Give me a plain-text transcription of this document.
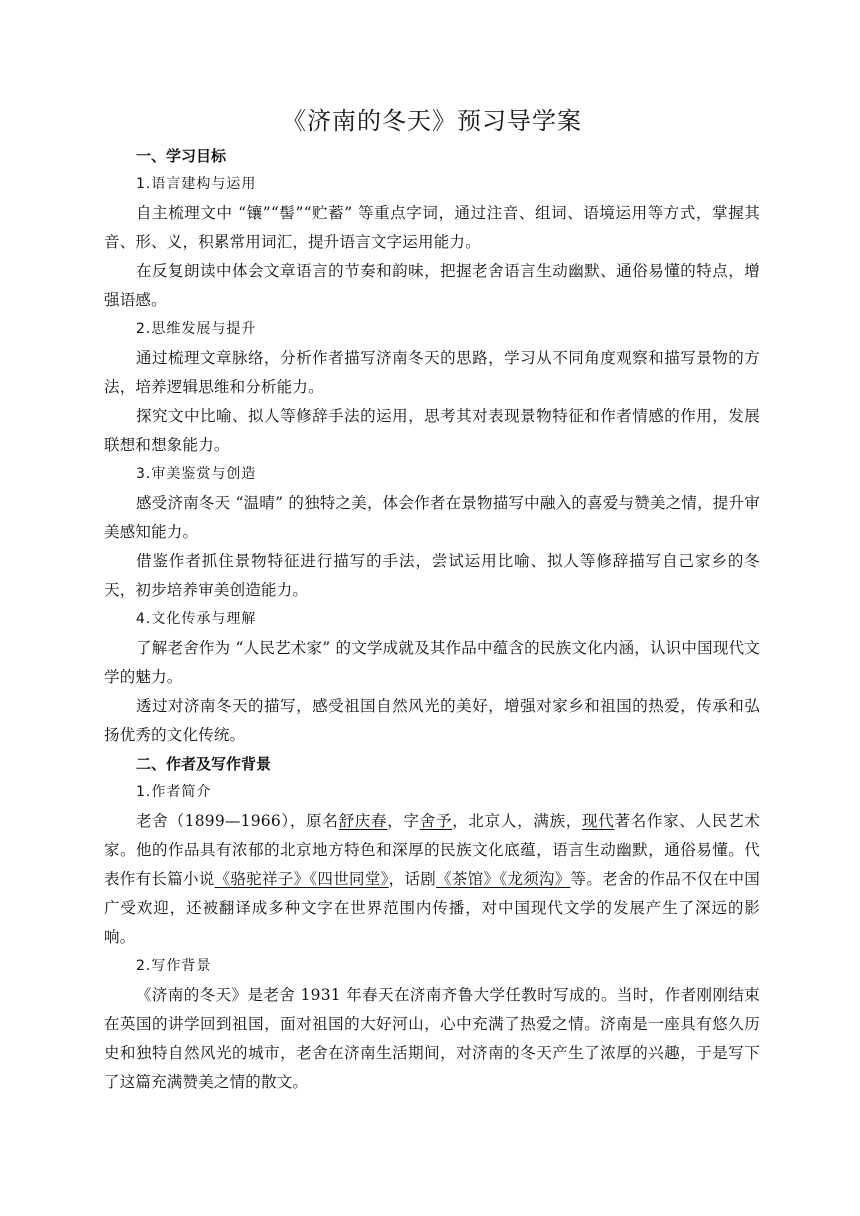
《济南的冬天》预习导学案

一、学习目标

1.语言建构与运用

自主梳理文中 “镶”“髻”“贮蓄” 等重点字词，通过注音、组词、语境运用等方式，掌握其音、形、义，积累常用词汇，提升语言文字运用能力。

在反复朗读中体会文章语言的节奏和韵味，把握老舍语言生动幽默、通俗易懂的特点，增强语感。

2.思维发展与提升

通过梳理文章脉络，分析作者描写济南冬天的思路，学习从不同角度观察和描写景物的方法，培养逻辑思维和分析能力。

探究文中比喻、拟人等修辞手法的运用，思考其对表现景物特征和作者情感的作用，发展联想和想象能力。

3.审美鉴赏与创造

感受济南冬天 “温晴” 的独特之美，体会作者在景物描写中融入的喜爱与赞美之情，提升审美感知能力。

借鉴作者抓住景物特征进行描写的手法，尝试运用比喻、拟人等修辞描写自己家乡的冬天，初步培养审美创造能力。

4.文化传承与理解

了解老舍作为 “人民艺术家” 的文学成就及其作品中蕴含的民族文化内涵，认识中国现代文学的魅力。

透过对济南冬天的描写，感受祖国自然风光的美好，增强对家乡和祖国的热爱，传承和弘扬优秀的文化传统。

二、作者及写作背景

1.作者简介

老舍（1899—1966），原名舒庆春，字舍予，北京人，满族，现代著名作家、人民艺术家。他的作品具有浓郁的北京地方特色和深厚的民族文化底蕴，语言生动幽默，通俗易懂。代表作有长篇小说《骆驼祥子》《四世同堂》，话剧《茶馆》《龙须沟》等。老舍的作品不仅在中国广受欢迎，还被翻译成多种文字在世界范围内传播，对中国现代文学的发展产生了深远的影响。

2.写作背景

《济南的冬天》是老舍 1931 年春天在济南齐鲁大学任教时写成的。当时，作者刚刚结束在英国的讲学回到祖国，面对祖国的大好河山，心中充满了热爱之情。济南是一座具有悠久历史和独特自然风光的城市，老舍在济南生活期间，对济南的冬天产生了浓厚的兴趣，于是写下了这篇充满赞美之情的散文。
